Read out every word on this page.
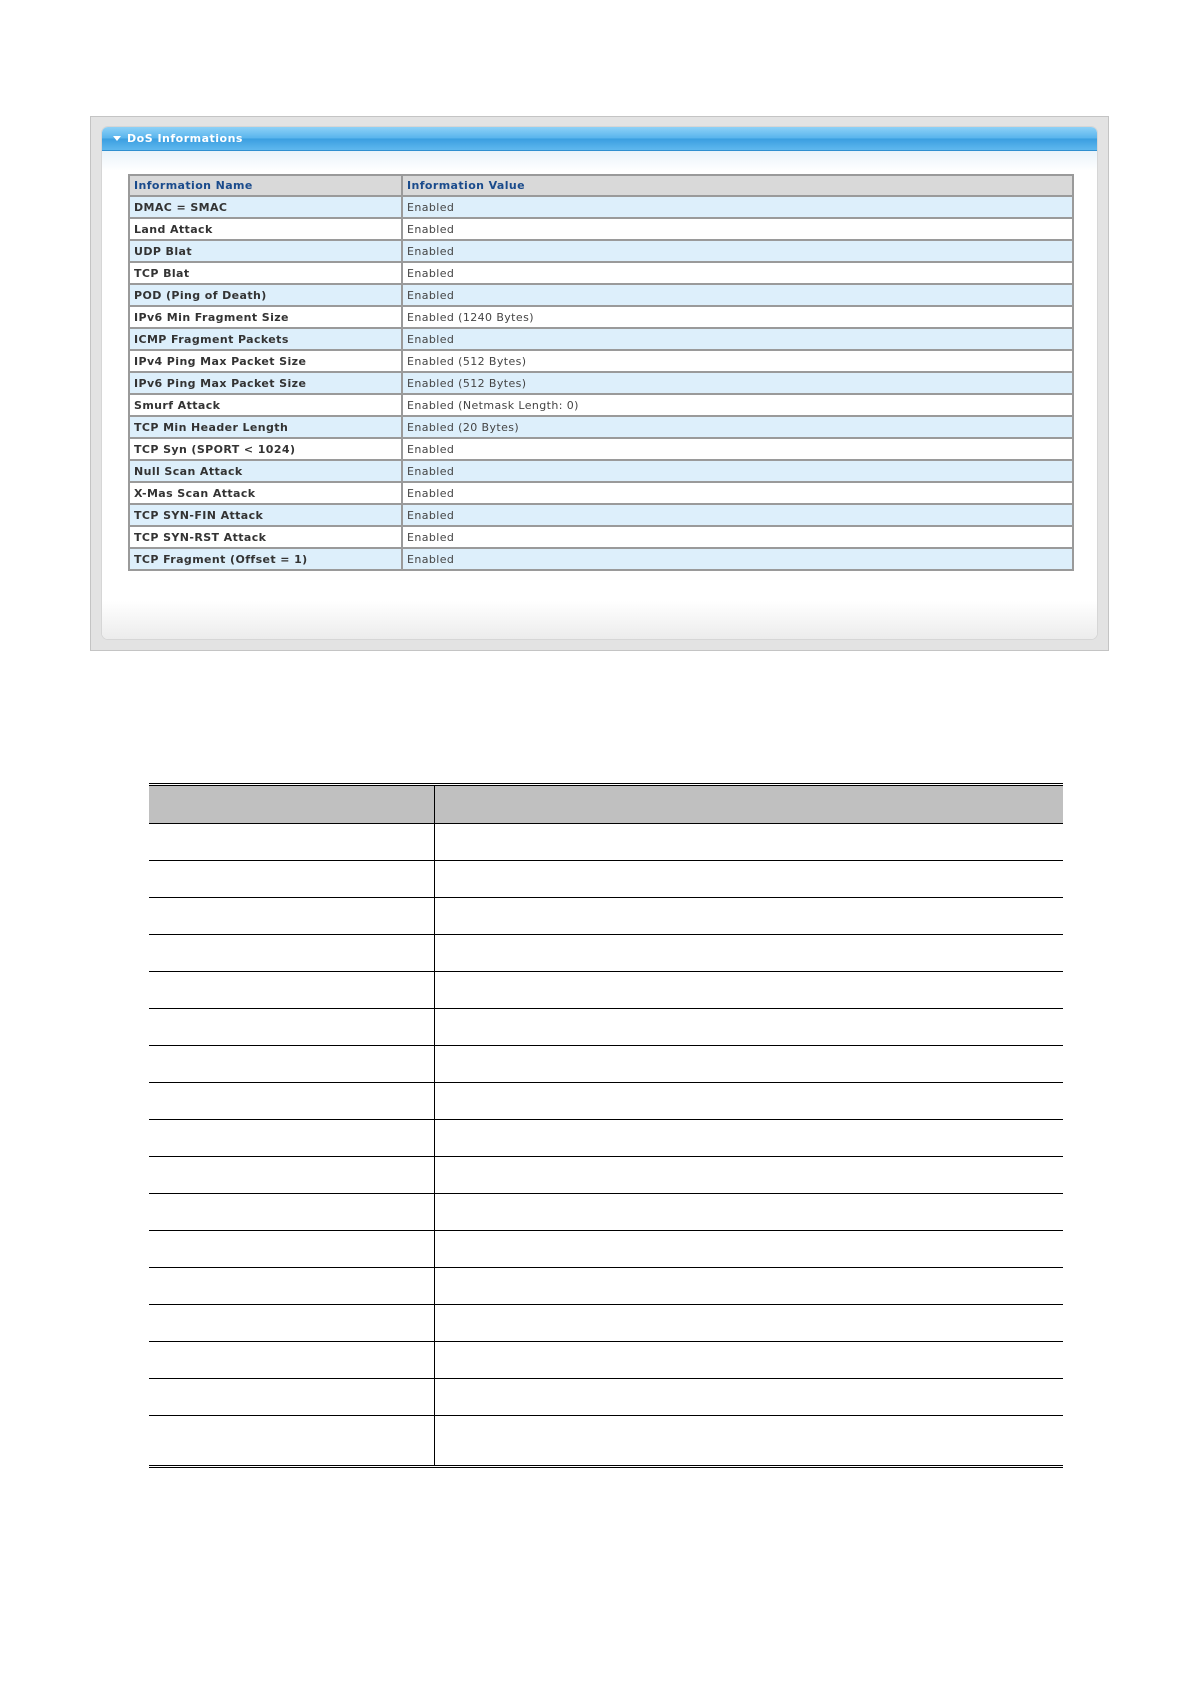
DoS Informations
Information Name	Information Value
DMAC = SMAC	Enabled
Land Attack	Enabled
UDP Blat	Enabled
TCP Blat	Enabled
POD (Ping of Death)	Enabled
IPv6 Min Fragment Size	Enabled (1240 Bytes)
ICMP Fragment Packets	Enabled
IPv4 Ping Max Packet Size	Enabled (512 Bytes)
IPv6 Ping Max Packet Size	Enabled (512 Bytes)
Smurf Attack	Enabled (Netmask Length: 0)
TCP Min Header Length	Enabled (20 Bytes)
TCP Syn (SPORT < 1024)	Enabled
Null Scan Attack	Enabled
X-Mas Scan Attack	Enabled
TCP SYN-FIN Attack	Enabled
TCP SYN-RST Attack	Enabled
TCP Fragment (Offset = 1)	Enabled
